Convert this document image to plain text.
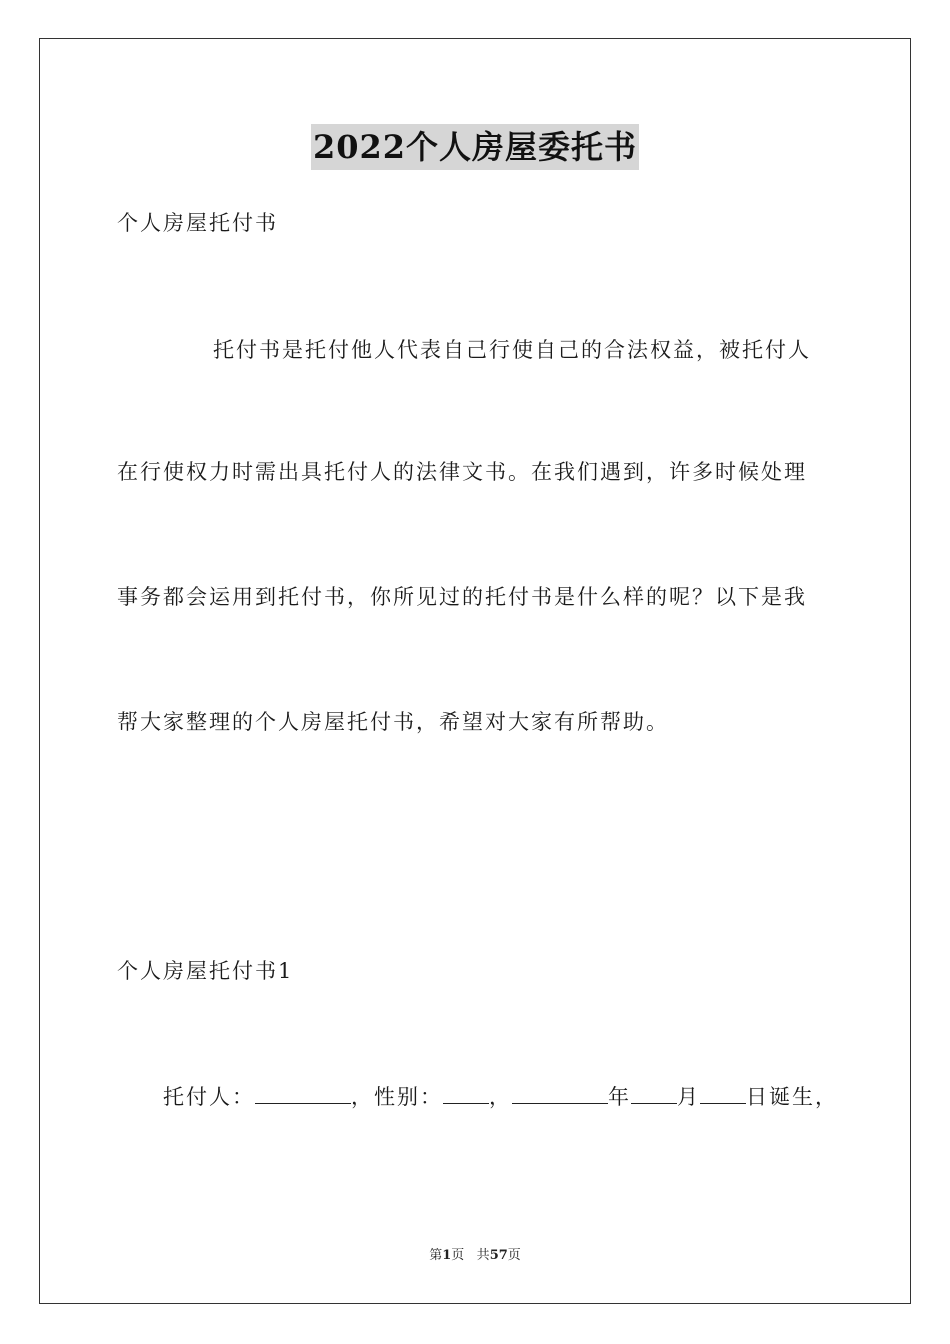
2022个人房屋委托书
个人房屋托付书
托付书是托付他人代表自己行使自己的合法权益，被托付人
在行使权力时需出具托付人的法律文书。在我们遇到，许多时候处理
事务都会运用到托付书，你所见过的托付书是什么样的呢？以下是我
帮大家整理的个人房屋托付书，希望对大家有所帮助。
个人房屋托付书1
托付人：	，性别： ，	年 月 日诞生，
第1页 共57页
